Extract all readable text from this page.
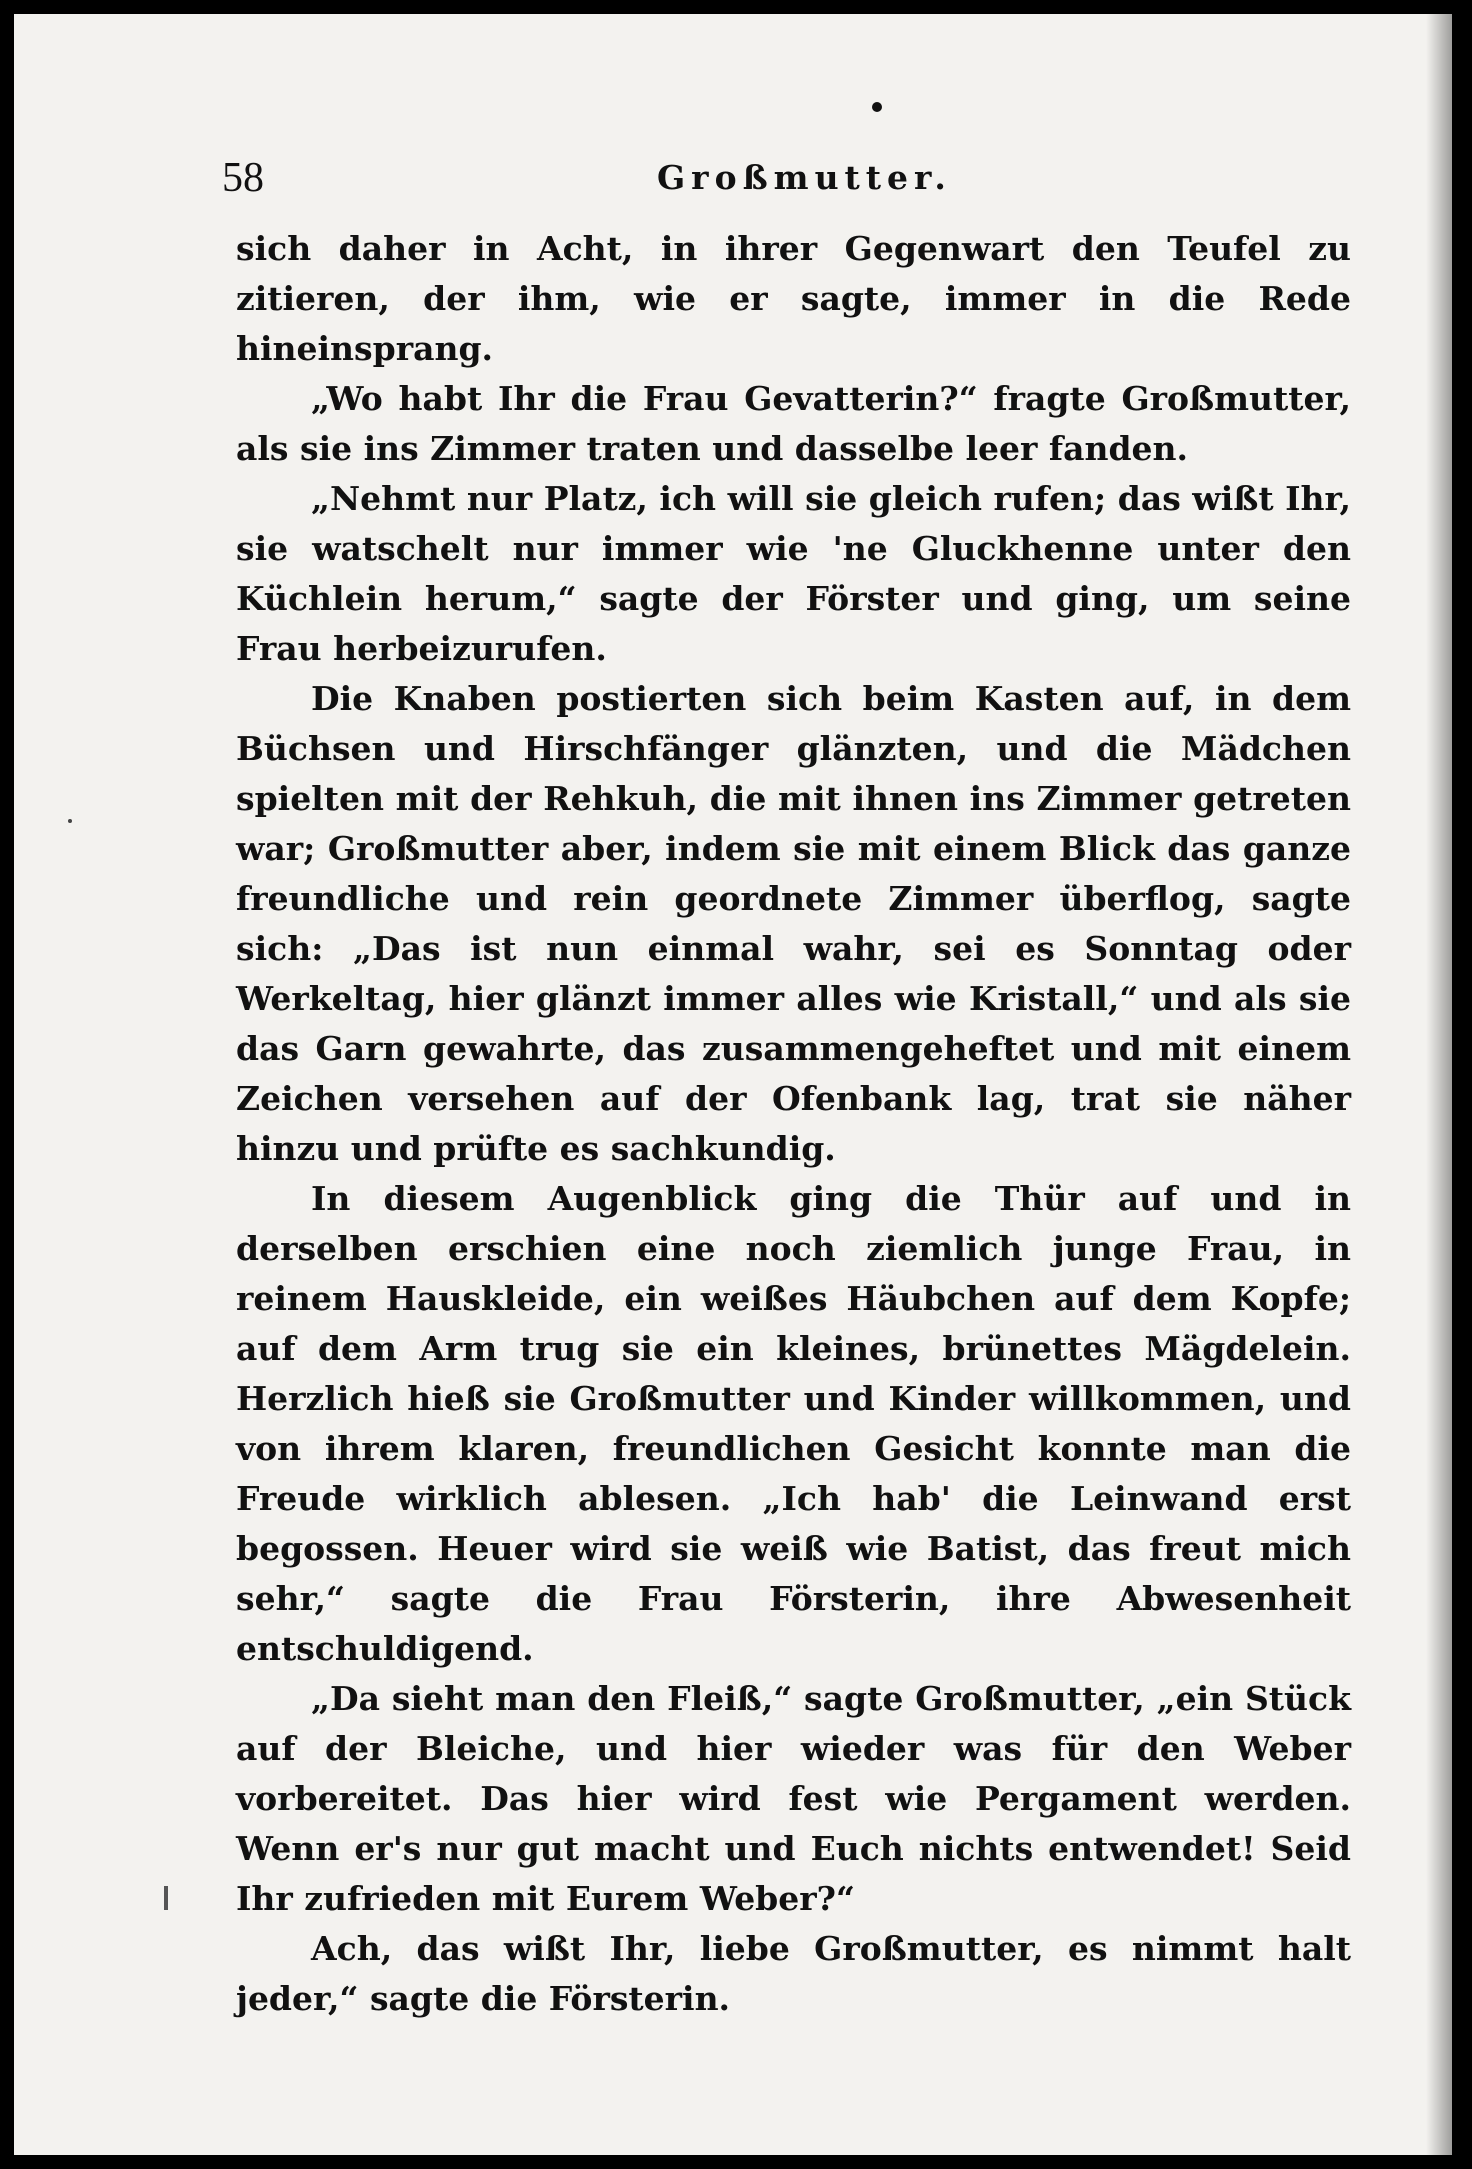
58	Großmutter.

sich daher in Acht, in ihrer Gegenwart den Teufel zu zitieren, der ihm, wie er sagte, immer in die Rede hineinsprang.

„Wo habt Ihr die Frau Gevatterin?“ fragte Großmutter, als sie ins Zimmer traten und dasselbe leer fanden.

„Nehmt nur Platz, ich will sie gleich rufen; das wißt Ihr, sie watschelt nur immer wie 'ne Gluckhenne unter den Küchlein herum,“ sagte der Förster und ging, um seine Frau herbeizurufen.

Die Knaben postierten sich beim Kasten auf, in dem Büchsen und Hirschfänger glänzten, und die Mädchen spielten mit der Rehkuh, die mit ihnen ins Zimmer getreten war; Großmutter aber, indem sie mit einem Blick das ganze freundliche und rein geordnete Zimmer überflog, sagte sich: „Das ist nun einmal wahr, sei es Sonntag oder Werkeltag, hier glänzt immer alles wie Kristall,“ und als sie das Garn gewahrte, das zusammengeheftet und mit einem Zeichen versehen auf der Ofenbank lag, trat sie näher hinzu und prüfte es sachkundig.

In diesem Augenblick ging die Thür auf und in derselben erschien eine noch ziemlich junge Frau, in reinem Hauskleide, ein weißes Häubchen auf dem Kopfe; auf dem Arm trug sie ein kleines, brünettes Mägdelein. Herzlich hieß sie Großmutter und Kinder willkommen, und von ihrem klaren, freundlichen Gesicht konnte man die Freude wirklich ablesen. „Ich hab' die Leinwand erst begossen. Heuer wird sie weiß wie Batist, das freut mich sehr,“ sagte die Frau Försterin, ihre Abwesenheit entschuldigend.

„Da sieht man den Fleiß,“ sagte Großmutter, „ein Stück auf der Bleiche, und hier wieder was für den Weber vorbereitet. Das hier wird fest wie Pergament werden. Wenn er's nur gut macht und Euch nichts entwendet! Seid Ihr zufrieden mit Eurem Weber?“

Ach, das wißt Ihr, liebe Großmutter, es nimmt halt jeder,“ sagte die Försterin.
